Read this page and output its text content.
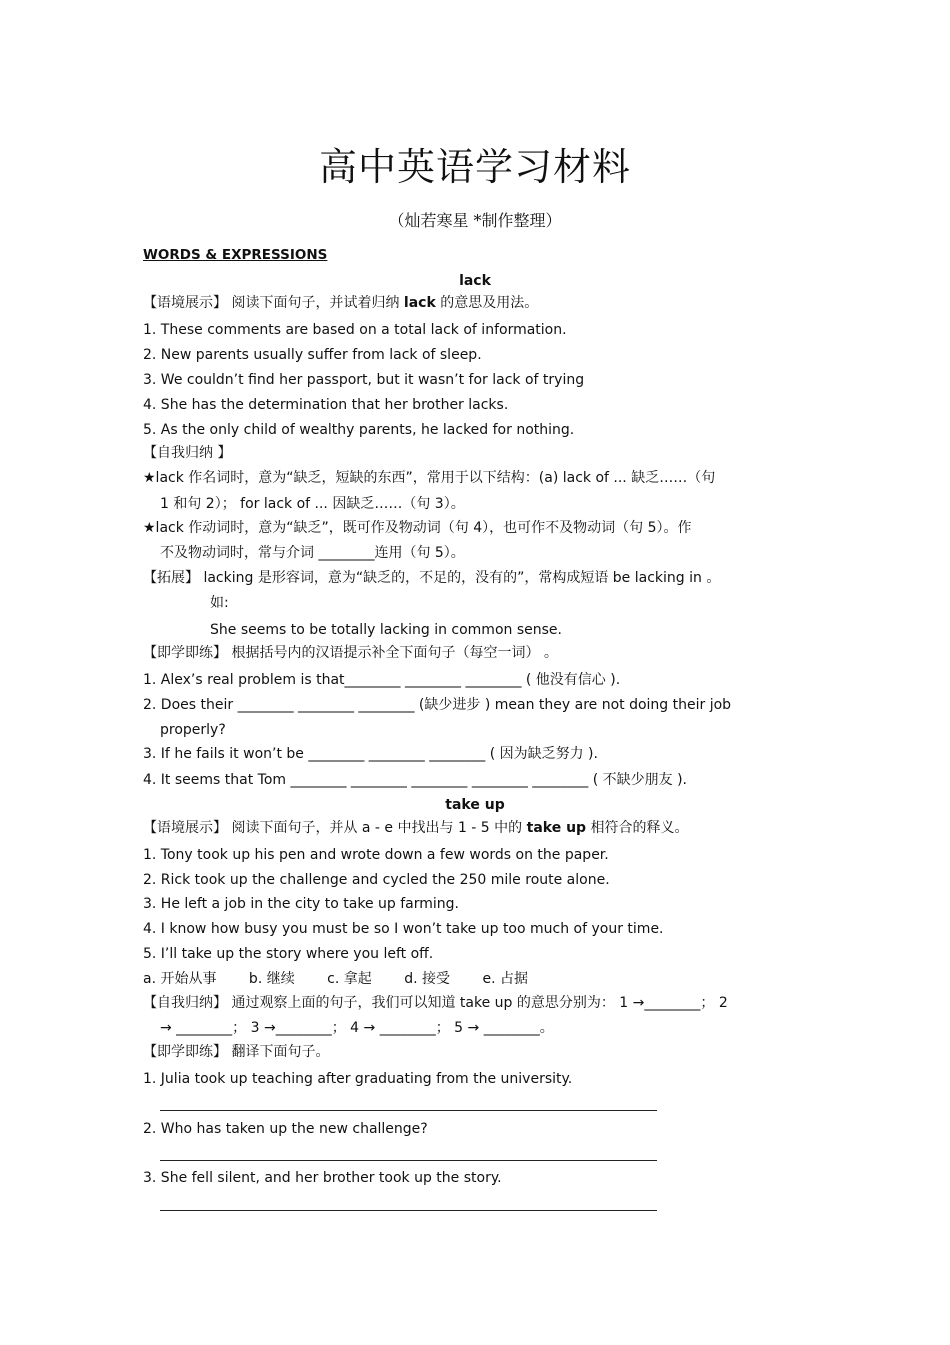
高中英语学习材料
（灿若寒星 *制作整理）
WORDS & EXPRESSIONS
lack
【语境展示】 阅读下面句子，并试着归纳 lack 的意思及用法。
1. These comments are based on a total lack of information.
2. New parents usually suffer from lack of sleep.
3. We couldn’t find her passport, but it wasn’t for lack of trying
4. She has the determination that her brother lacks.
5. As the only child of wealthy parents, he lacked for nothing.
【自我归纳 】
★lack 作名词时，意为“缺乏，短缺的东西”，常用于以下结构：(a) lack of ... 缺乏……（句
1 和句 2）； for lack of ... 因缺乏……（句 3）。
★lack 作动词时，意为“缺乏”，既可作及物动词（句 4），也可作不及物动词（句 5）。作
不及物动词时，常与介词 ________连用（句 5）。
【拓展】 lacking 是形容词，意为“缺乏的，不足的，没有的”，常构成短语 be lacking in 。
如:
She seems to be totally lacking in common sense.
【即学即练】 根据括号内的汉语提示补全下面句子（每空一词） 。
1. Alex’s real problem is that________ ________ ________ ( 他没有信心 ).
2. Does their ________ ________ ________ (缺少进步 ) mean they are not doing their job
properly?
3. If he fails it won’t be ________ ________ ________ ( 因为缺乏努力 ).
4. It seems that Tom ________ ________ ________ ________ ________ ( 不缺少朋友 ).
take up
【语境展示】 阅读下面句子，并从 a - e 中找出与 1 - 5 中的 take up 相符合的释义。
1. Tony took up his pen and wrote down a few words on the paper.
2. Rick took up the challenge and cycled the 250 mile route alone.
3. He left a job in the city to take up farming.
4. I know how busy you must be so I won’t take up too much of your time.
5. I’ll take up the story where you left off.
a. 开始从事　　 b. 继续　　 c. 拿起　　 d. 接受　　 e. 占据
【自我归纳】 通过观察上面的句子，我们可以知道 take up 的意思分别为： 1 →________； 2
→ ________； 3 →________； 4 → ________； 5 → ________。
【即学即练】 翻译下面句子。
1. Julia took up teaching after graduating from the university.
2. Who has taken up the new challenge?
3. She fell silent, and her brother took up the story.
